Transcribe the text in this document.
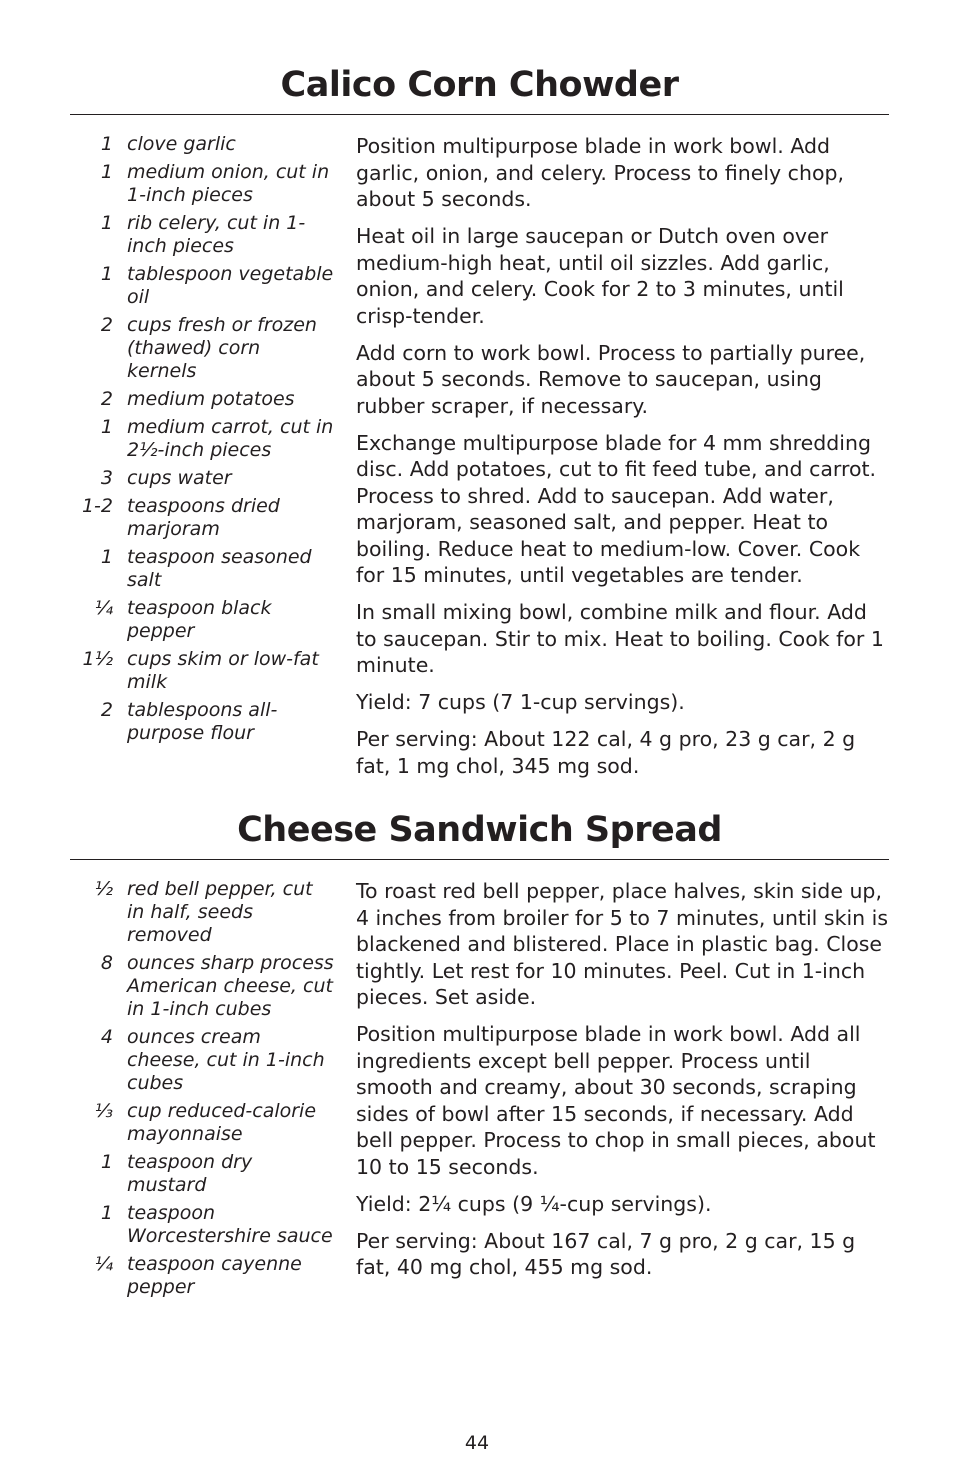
Calico Corn Chowder
1 clove garlic
1 medium onion, cut in 1-inch pieces
1 rib celery, cut in 1-inch pieces
1 tablespoon vegetable oil
2 cups fresh or frozen (thawed) corn kernels
2 medium potatoes
1 medium carrot, cut in 2½-inch pieces
3 cups water
1-2 teaspoons dried marjoram
1 teaspoon seasoned salt
¼ teaspoon black pepper
1½ cups skim or low-fat milk
2 tablespoons all-purpose flour

Position multipurpose blade in work bowl. Add garlic, onion, and celery. Process to finely chop, about 5 seconds.

Heat oil in large saucepan or Dutch oven over medium-high heat, until oil sizzles. Add garlic, onion, and celery. Cook for 2 to 3 minutes, until crisp-tender.

Add corn to work bowl. Process to partially puree, about 5 seconds. Remove to saucepan, using rubber scraper, if necessary.

Exchange multipurpose blade for 4 mm shredding disc. Add potatoes, cut to fit feed tube, and carrot. Process to shred. Add to saucepan. Add water, marjoram, seasoned salt, and pepper. Heat to boiling. Reduce heat to medium-low. Cover. Cook for 15 minutes, until vegetables are tender.

In small mixing bowl, combine milk and flour. Add to saucepan. Stir to mix. Heat to boiling. Cook for 1 minute.

Yield: 7 cups (7 1-cup servings).

Per serving: About 122 cal, 4 g pro, 23 g car, 2 g fat, 1 mg chol, 345 mg sod.

Cheese Sandwich Spread
½ red bell pepper, cut in half, seeds removed
8 ounces sharp process American cheese, cut in 1-inch cubes
4 ounces cream cheese, cut in 1-inch cubes
⅓ cup reduced-calorie mayonnaise
1 teaspoon dry mustard
1 teaspoon Worcestershire sauce
¼ teaspoon cayenne pepper

To roast red bell pepper, place halves, skin side up, 4 inches from broiler for 5 to 7 minutes, until skin is blackened and blistered. Place in plastic bag. Close tightly. Let rest for 10 minutes. Peel. Cut in 1-inch pieces. Set aside.

Position multipurpose blade in work bowl. Add all ingredients except bell pepper. Process until smooth and creamy, about 30 seconds, scraping sides of bowl after 15 seconds, if necessary. Add bell pepper. Process to chop in small pieces, about 10 to 15 seconds.

Yield: 2¼ cups (9 ¼-cup servings).

Per serving: About 167 cal, 7 g pro, 2 g car, 15 g fat, 40 mg chol, 455 mg sod.

44
